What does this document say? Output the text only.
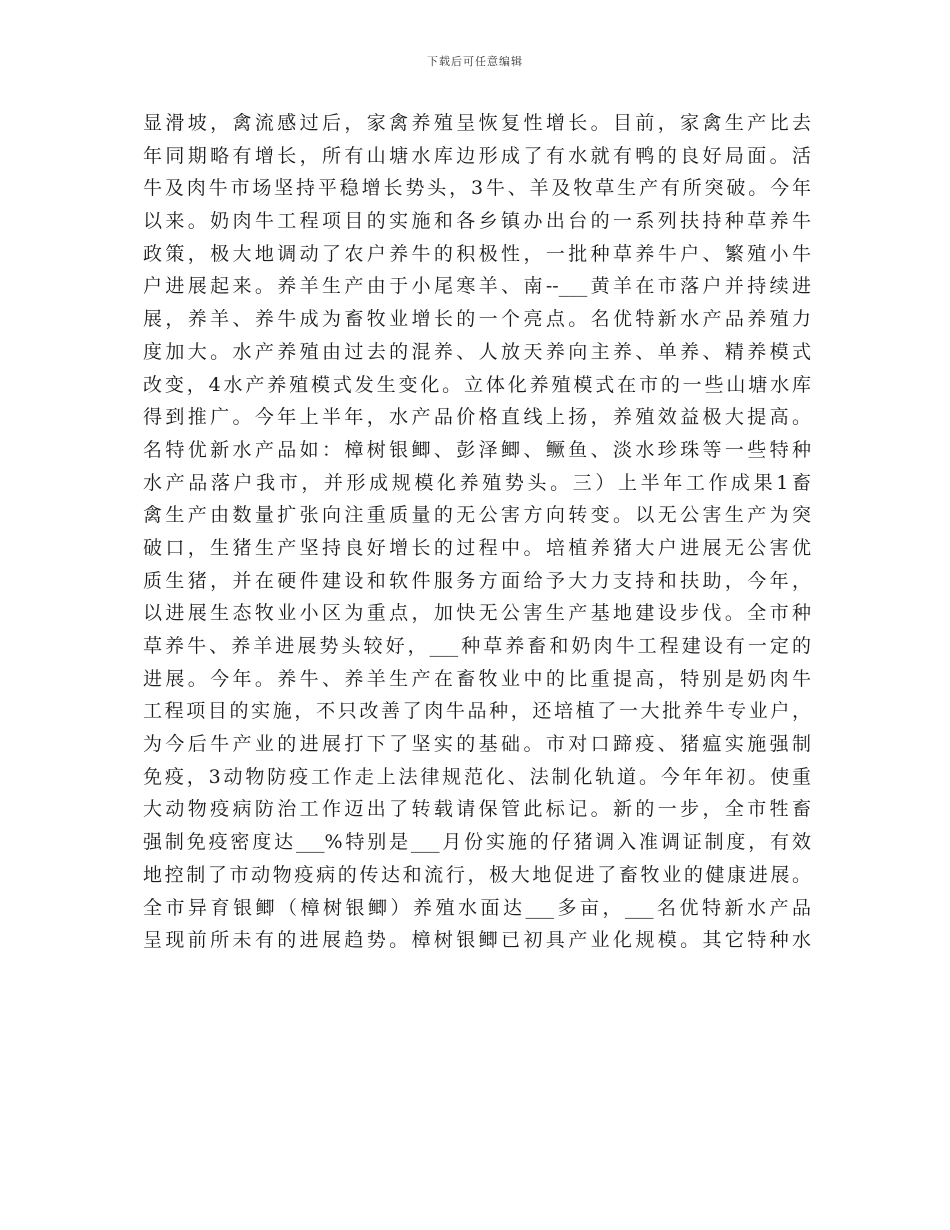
下载后可任意编辑
显滑坡，禽流感过后，家禽养殖呈恢复性增长。目前，家禽生产比去
年同期略有增长，所有山塘水库边形成了有水就有鸭的良好局面。活
牛及肉牛市场坚持平稳增长势头，3牛、羊及牧草生产有所突破。今年
以来。奶肉牛工程项目的实施和各乡镇办出台的一系列扶持种草养牛
政策，极大地调动了农户养牛的积极性，一批种草养牛户、繁殖小牛
户进展起来。养羊生产由于小尾寒羊、南--___黄羊在市落户并持续进
展，养羊、养牛成为畜牧业增长的一个亮点。名优特新水产品养殖力
度加大。水产养殖由过去的混养、人放天养向主养、单养、精养模式
改变，4水产养殖模式发生变化。立体化养殖模式在市的一些山塘水库
得到推广。今年上半年，水产品价格直线上扬，养殖效益极大提高。
名特优新水产品如：樟树银鲫、彭泽鲫、鳜鱼、淡水珍珠等一些特种
水产品落户我市，并形成规模化养殖势头。三）上半年工作成果1畜
禽生产由数量扩张向注重质量的无公害方向转变。以无公害生产为突
破口，生猪生产坚持良好增长的过程中。培植养猪大户进展无公害优
质生猪，并在硬件建设和软件服务方面给予大力支持和扶助，今年，
以进展生态牧业小区为重点，加快无公害生产基地建设步伐。全市种
草养牛、养羊进展势头较好，___种草养畜和奶肉牛工程建设有一定的
进展。今年。养牛、养羊生产在畜牧业中的比重提高，特别是奶肉牛
工程项目的实施，不只改善了肉牛品种，还培植了一大批养牛专业户，
为今后牛产业的进展打下了坚实的基础。市对口蹄疫、猪瘟实施强制
免疫，3动物防疫工作走上法律规范化、法制化轨道。今年年初。使重
大动物疫病防治工作迈出了转载请保管此标记。新的一步，全市牲畜
强制免疫密度达___%特别是___月份实施的仔猪调入准调证制度，有效
地控制了市动物疫病的传达和流行，极大地促进了畜牧业的健康进展。
全市异育银鲫（樟树银鲫）养殖水面达___多亩，___名优特新水产品
呈现前所未有的进展趋势。樟树银鲫已初具产业化规模。其它特种水
